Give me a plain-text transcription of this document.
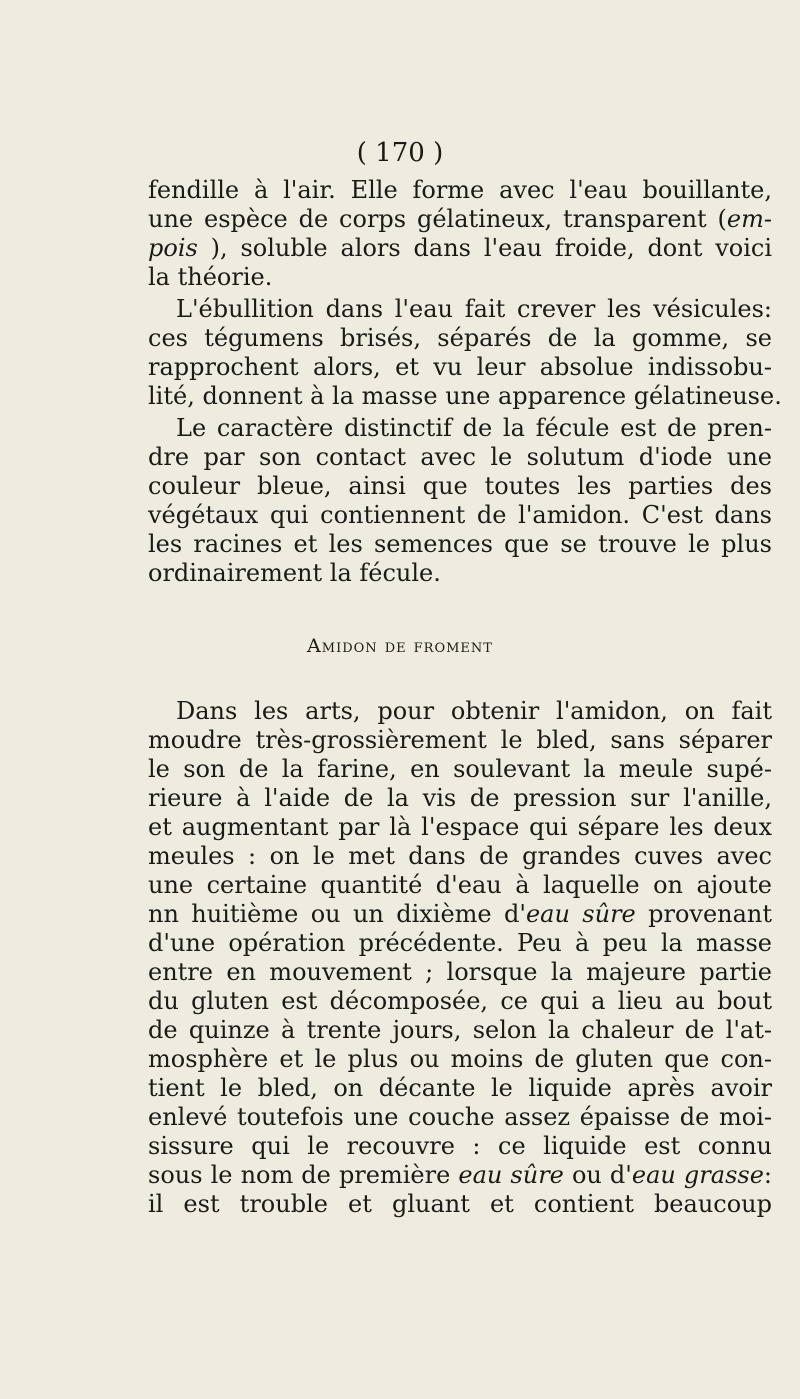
( 170 )
fendille à l'air. Elle forme avec l'eau bouillante,
une espèce de corps gélatineux, transparent (em-
pois ), soluble alors dans l'eau froide, dont voici
la théorie.
L'ébullition dans l'eau fait crever les vésicules:
ces tégumens brisés, séparés de la gomme, se
rapprochent alors, et vu leur absolue indissobu-
lité, donnent à la masse une apparence gélatineuse.
Le caractère distinctif de la fécule est de pren-
dre par son contact avec le solutum d'iode une
couleur bleue, ainsi que toutes les parties des
végétaux qui contiennent de l'amidon. C'est dans
les racines et les semences que se trouve le plus
ordinairement la fécule.
Amidon de froment
Dans les arts, pour obtenir l'amidon, on fait
moudre très-grossièrement le bled, sans séparer
le son de la farine, en soulevant la meule supé-
rieure à l'aide de la vis de pression sur l'anille,
et augmentant par là l'espace qui sépare les deux
meules : on le met dans de grandes cuves avec
une certaine quantité d'eau à laquelle on ajoute
nn huitième ou un dixième d'eau sûre provenant
d'une opération précédente. Peu à peu la masse
entre en mouvement ; lorsque la majeure partie
du gluten est décomposée, ce qui a lieu au bout
de quinze à trente jours, selon la chaleur de l'at-
mosphère et le plus ou moins de gluten que con-
tient le bled, on décante le liquide après avoir
enlevé toutefois une couche assez épaisse de moi-
sissure qui le recouvre : ce liquide est connu
sous le nom de première eau sûre ou d'eau grasse:
il est trouble et gluant et contient beaucoup
